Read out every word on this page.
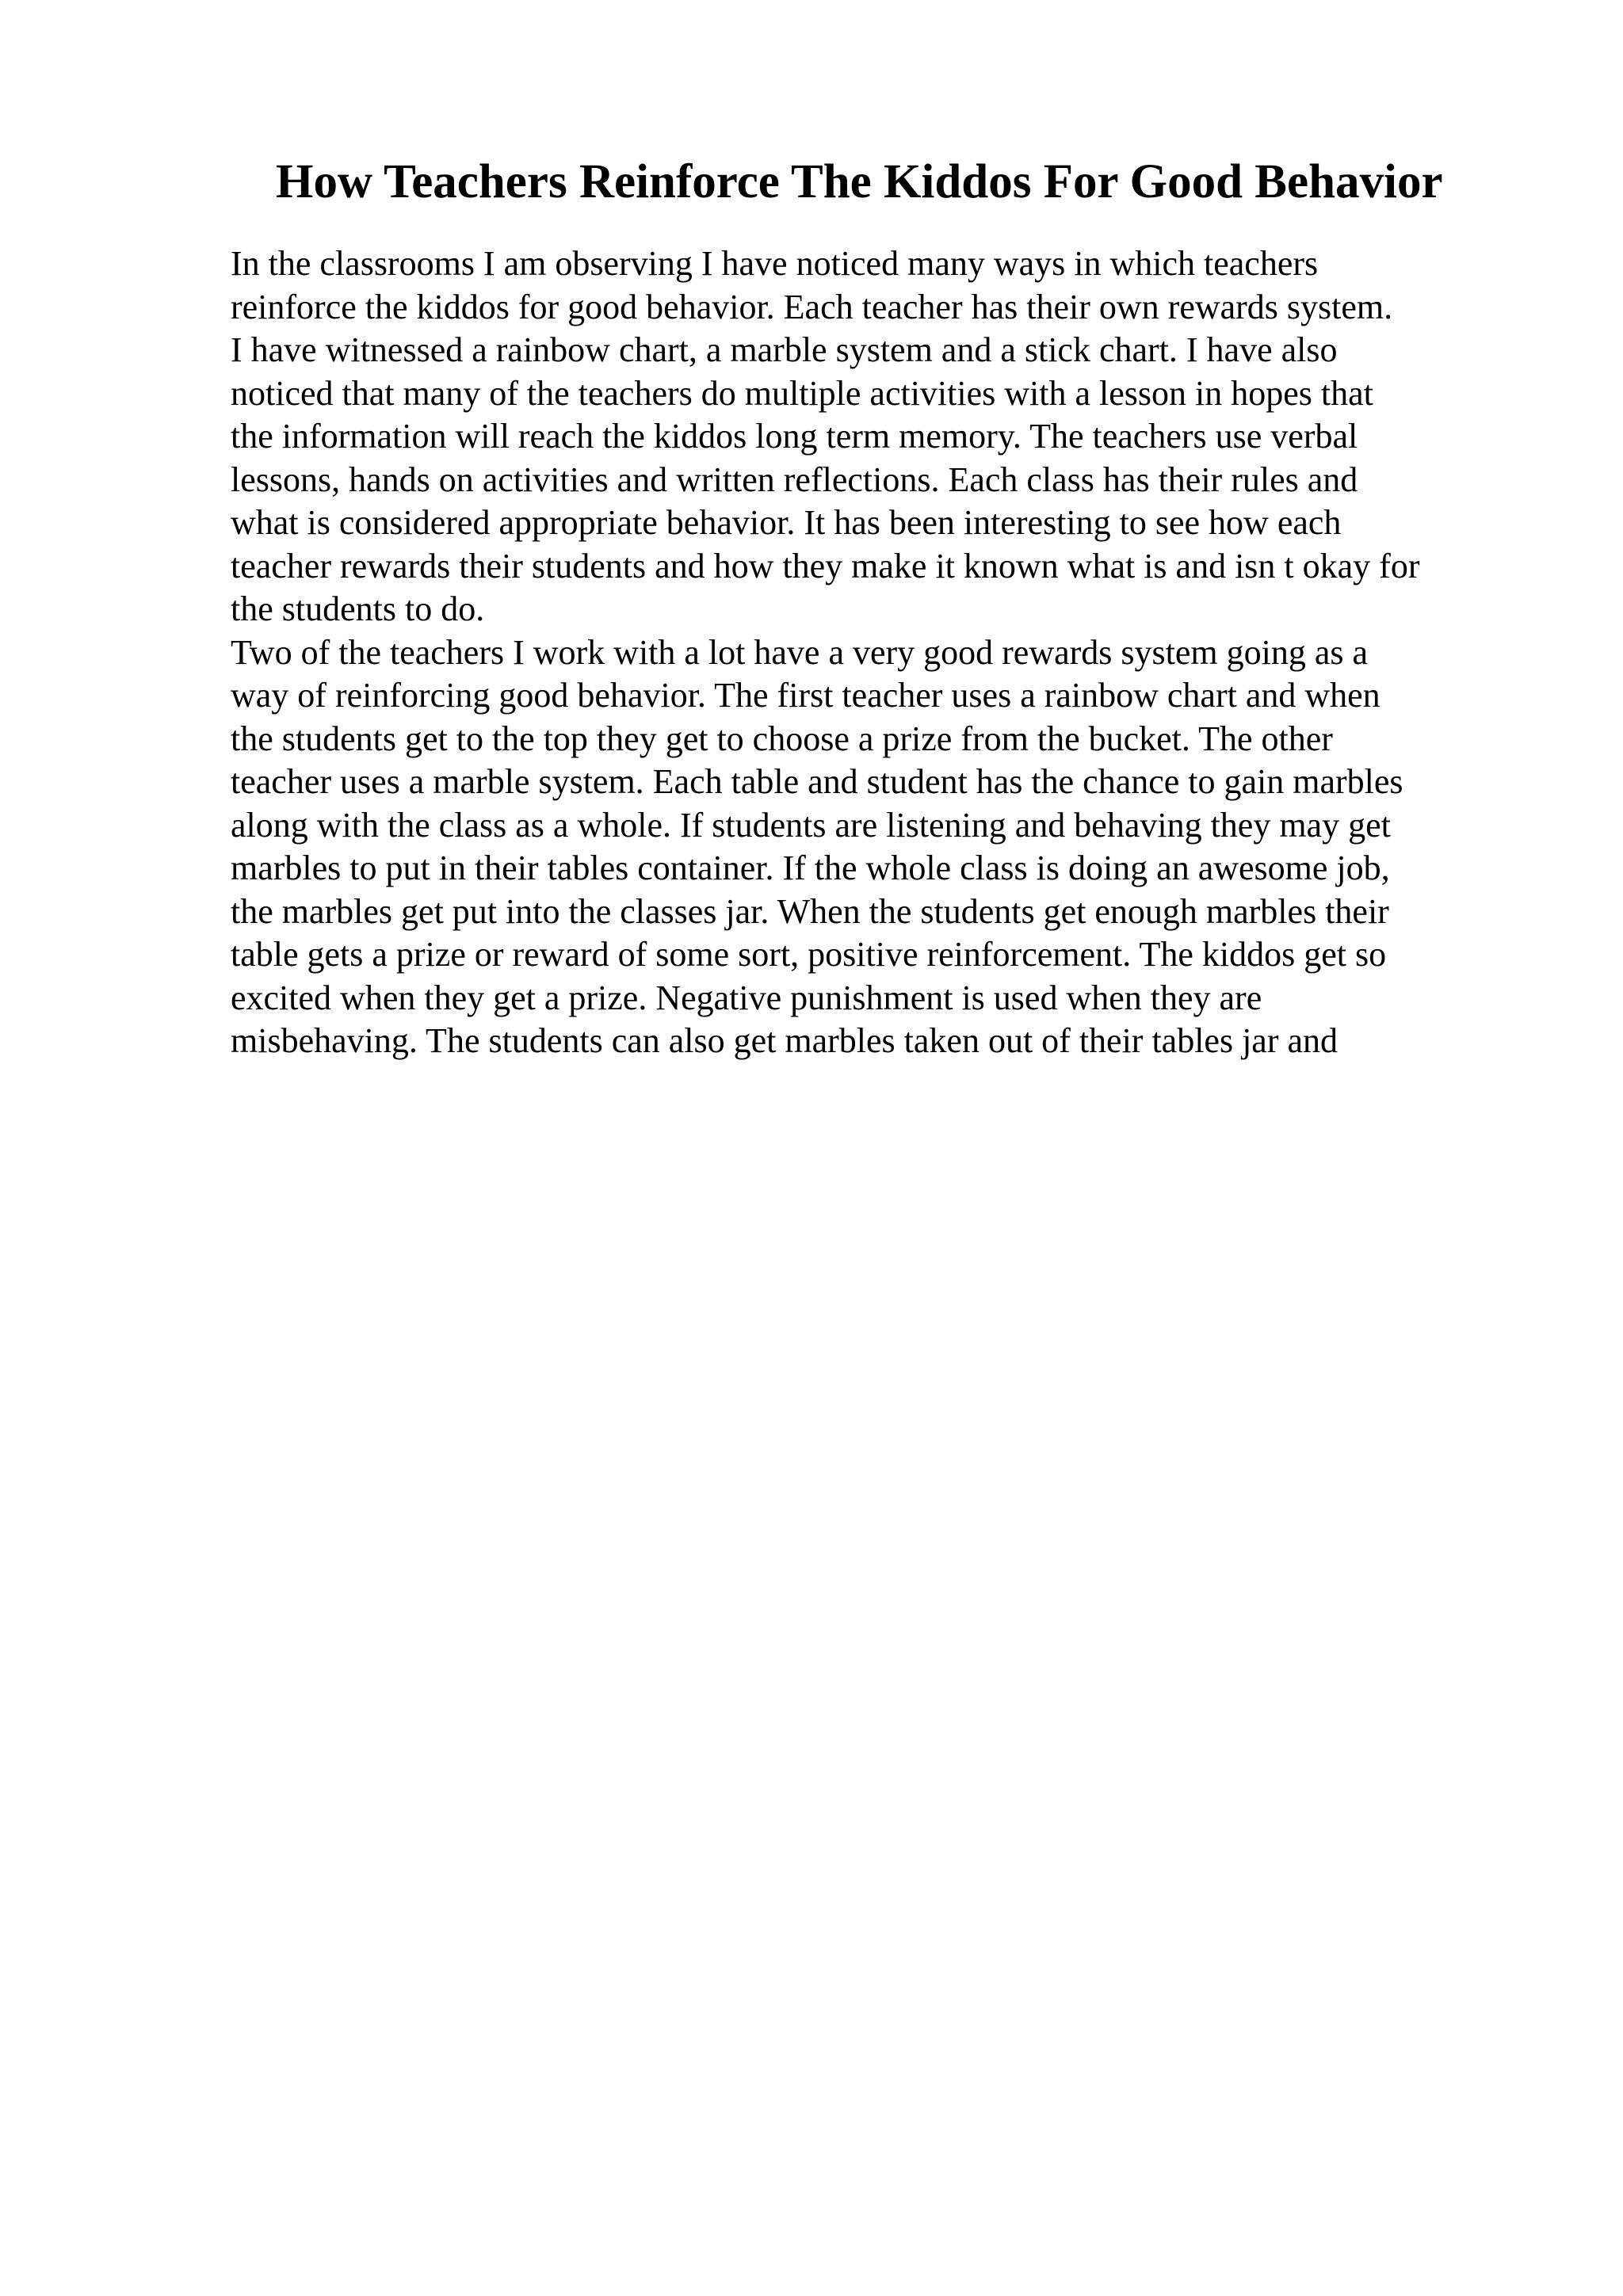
How Teachers Reinforce The Kiddos For Good Behavior

In the classrooms I am observing I have noticed many ways in which teachers

reinforce the kiddos for good behavior. Each teacher has their own rewards system.

I have witnessed a rainbow chart, a marble system and a stick chart. I have also

noticed that many of the teachers do multiple activities with a lesson in hopes that

the information will reach the kiddos long term memory. The teachers use verbal

lessons, hands on activities and written reflections. Each class has their rules and

what is considered appropriate behavior. It has been interesting to see how each

teacher rewards their students and how they make it known what is and isn t okay for

the students to do.

Two of the teachers I work with a lot have a very good rewards system going as a

way of reinforcing good behavior. The first teacher uses a rainbow chart and when

the students get to the top they get to choose a prize from the bucket. The other

teacher uses a marble system. Each table and student has the chance to gain marbles

along with the class as a whole. If students are listening and behaving they may get

marbles to put in their tables container. If the whole class is doing an awesome job,

the marbles get put into the classes jar. When the students get enough marbles their

table gets a prize or reward of some sort, positive reinforcement. The kiddos get so

excited when they get a prize. Negative punishment is used when they are

misbehaving. The students can also get marbles taken out of their tables jar and
